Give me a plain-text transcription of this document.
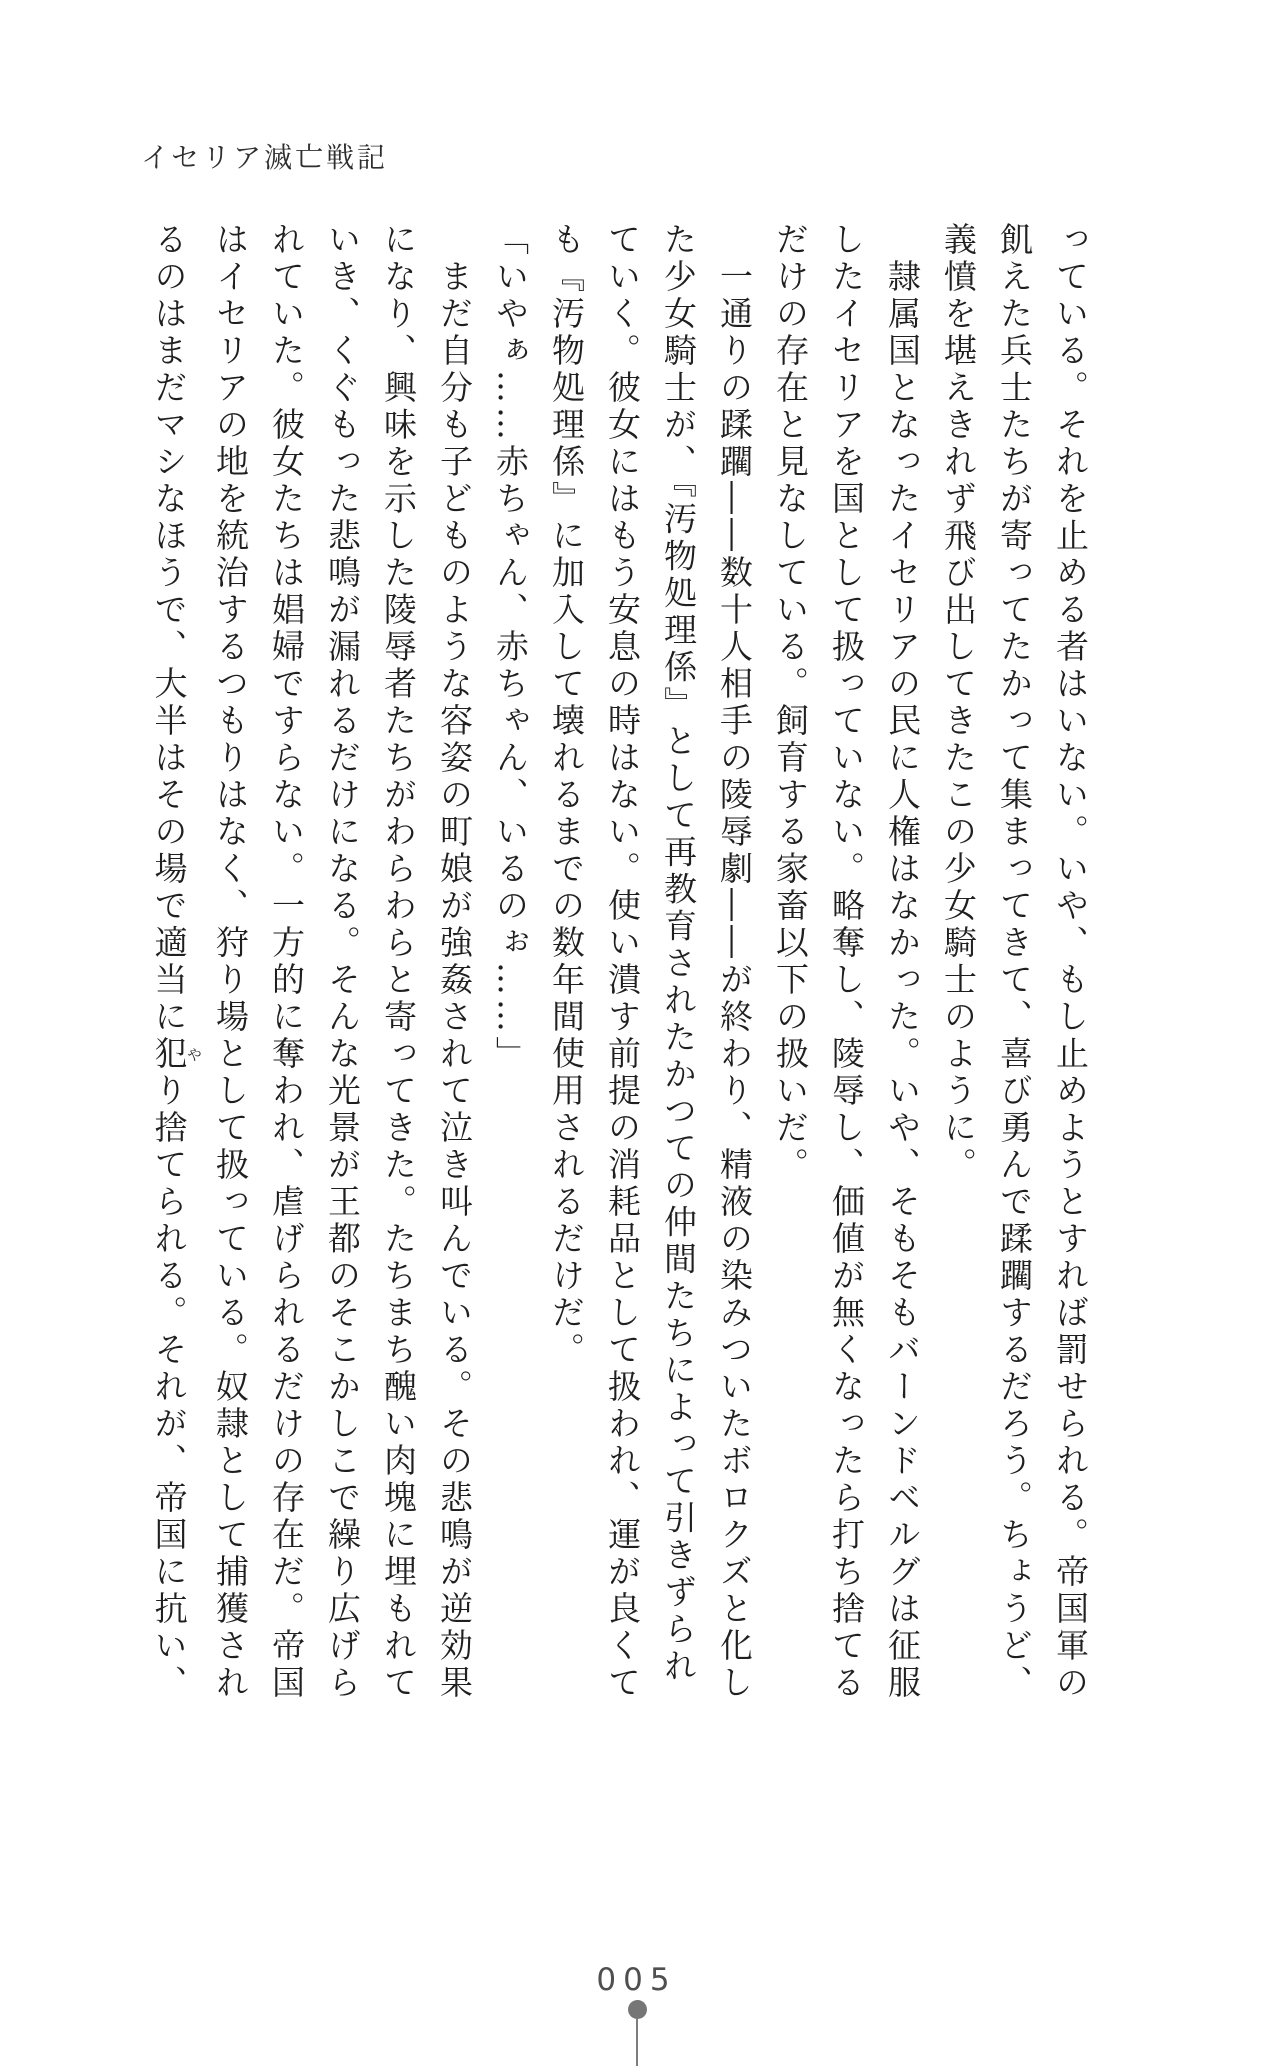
イセリア滅亡戦記
っている。それを止める者はいない。いや、もし止めようとすれば罰せられる。帝国軍の
飢えた兵士たちが寄ってたかって集まってきて、喜び勇んで蹂躙するだろう。ちょうど、
義憤を堪えきれず飛び出してきたこの少女騎士のように。
　隷属国となったイセリアの民に人権はなかった。いや、そもそもバーンドベルグは征服
したイセリアを国として扱っていない。略奪し、陵辱し、価値が無くなったら打ち捨てる
だけの存在と見なしている。飼育する家畜以下の扱いだ。
　一通りの蹂躙――数十人相手の陵辱劇――が終わり、精液の染みついたボロクズと化し
た少女騎士が、『汚物処理係』として再教育されたかつての仲間たちによって引きずられ
ていく。彼女にはもう安息の時はない。使い潰す前提の消耗品として扱われ、運が良くて
も『汚物処理係』に加入して壊れるまでの数年間使用されるだけだ。
「いやぁ……赤ちゃん、赤ちゃん、いるのぉ……」
　まだ自分も子どものような容姿の町娘が強姦されて泣き叫んでいる。その悲鳴が逆効果
になり、興味を示した陵辱者たちがわらわらと寄ってきた。たちまち醜い肉塊に埋もれて
いき、くぐもった悲鳴が漏れるだけになる。そんな光景が王都のそこかしこで繰り広げら
れていた。彼女たちは娼婦ですらない。一方的に奪われ、虐げられるだけの存在だ。帝国
はイセリアの地を統治するつもりはなく、狩り場として扱っている。奴隷として捕獲され
るのはまだマシなほうで、大半はその場で適当に犯やり捨てられる。それが、帝国に抗い、
005
